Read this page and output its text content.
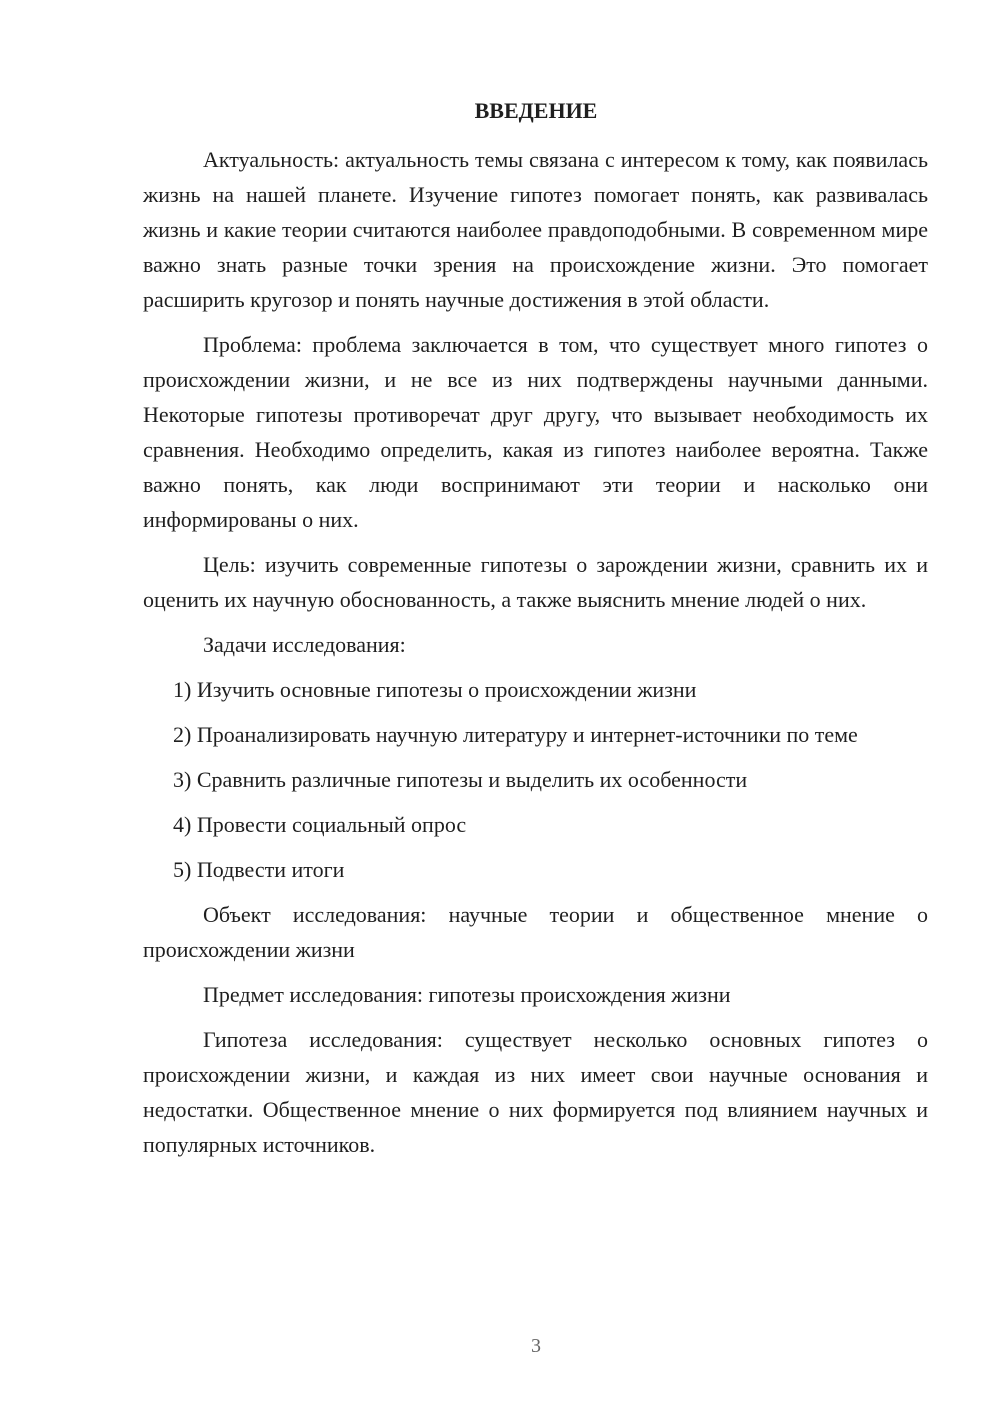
ВВЕДЕНИЕ

Актуальность: актуальность темы связана с интересом к тому, как появилась жизнь на нашей планете. Изучение гипотез помогает понять, как развивалась жизнь и какие теории считаются наиболее правдоподобными. В современном мире важно знать разные точки зрения на происхождение жизни. Это помогает расширить кругозор и понять научные достижения в этой области.

Проблема: проблема заключается в том, что существует много гипотез о происхождении жизни, и не все из них подтверждены научными данными. Некоторые гипотезы противоречат друг другу, что вызывает необходимость их сравнения. Необходимо определить, какая из гипотез наиболее вероятна. Также важно понять, как люди воспринимают эти теории и насколько они информированы о них.

Цель: изучить современные гипотезы о зарождении жизни, сравнить их и оценить их научную обоснованность, а также выяснить мнение людей о них.

Задачи исследования:

1) Изучить основные гипотезы о происхождении жизни

2) Проанализировать научную литературу и интернет-источники по теме

3) Сравнить различные гипотезы и выделить их особенности

4) Провести социальный опрос

5) Подвести итоги

Объект исследования: научные теории и общественное мнение о происхождении жизни

Предмет исследования: гипотезы происхождения жизни

Гипотеза исследования: существует несколько основных гипотез о происхождении жизни, и каждая из них имеет свои научные основания и недостатки. Общественное мнение о них формируется под влиянием научных и популярных источников.

3
